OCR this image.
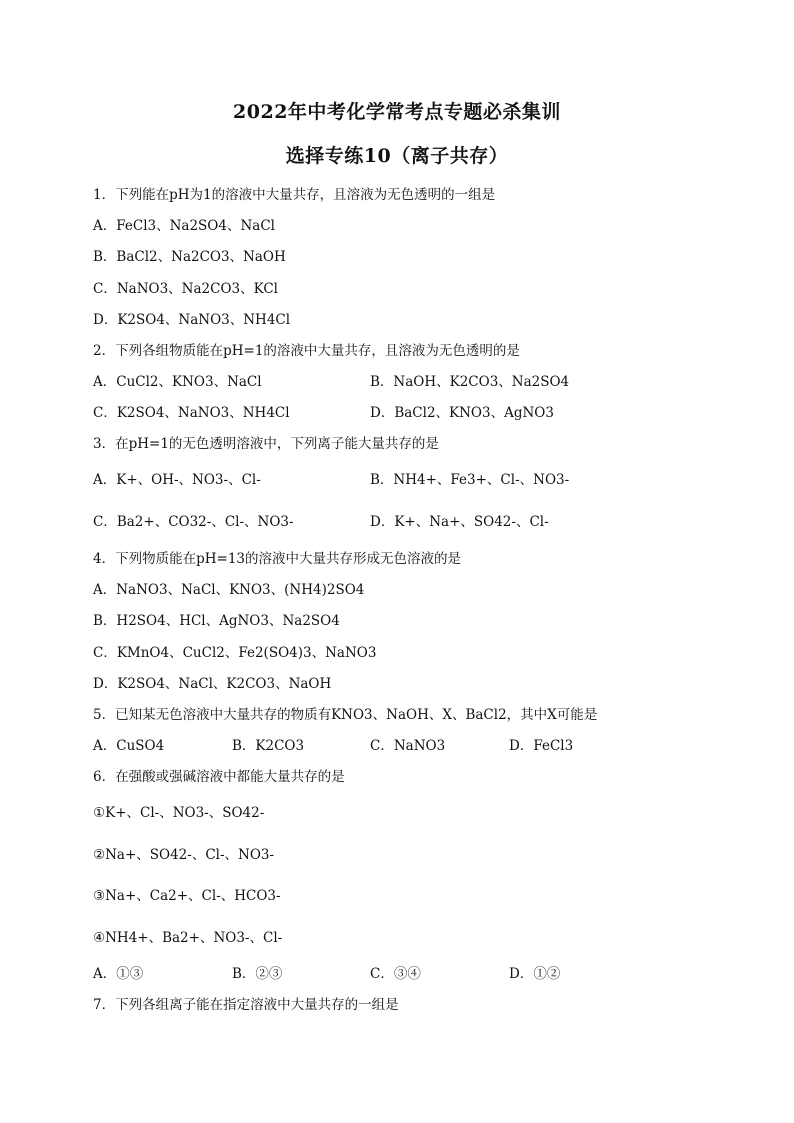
2022年中考化学常考点专题必杀集训
选择专练10（离子共存）
1．下列能在pH为1的溶液中大量共存，且溶液为无色透明的一组是
A．FeCl3、Na2SO4、NaCl
B．BaCl2、Na2CO3、NaOH
C．NaNO3、Na2CO3、KCl
D．K2SO4、NaNO3、NH4Cl
2．下列各组物质能在pH=1的溶液中大量共存，且溶液为无色透明的是
A．CuCl2、KNO3、NaCl	B．NaOH、K2CO3、Na2SO4
C．K2SO4、NaNO3、NH4Cl	D．BaCl2、KNO3、AgNO3
3．在pH=1的无色透明溶液中，下列离子能大量共存的是
A．K+、OH-、NO3-、Cl-	B．NH4+、Fe3+、Cl-、NO3-
C．Ba2+、CO32-、Cl-、NO3-	D．K+、Na+、SO42-、Cl-
4．下列物质能在pH=13的溶液中大量共存形成无色溶液的是
A．NaNO3、NaCl、KNO3、(NH4)2SO4
B．H2SO4、HCl、AgNO3、Na2SO4
C．KMnO4、CuCl2、Fe2(SO4)3、NaNO3
D．K2SO4、NaCl、K2CO3、NaOH
5．已知某无色溶液中大量共存的物质有KNO3、NaOH、X、BaCl2，其中X可能是
A．CuSO4	B．K2CO3	C．NaNO3	D．FeCl3
6．在强酸或强碱溶液中都能大量共存的是
①K+、Cl-、NO3-、SO42-
②Na+、SO42-、Cl-、NO3-
③Na+、Ca2+、Cl-、HCO3-
④NH4+、Ba2+、NO3-、Cl-
A．①③	B．②③	C．③④	D．①②
7．下列各组离子能在指定溶液中大量共存的一组是
